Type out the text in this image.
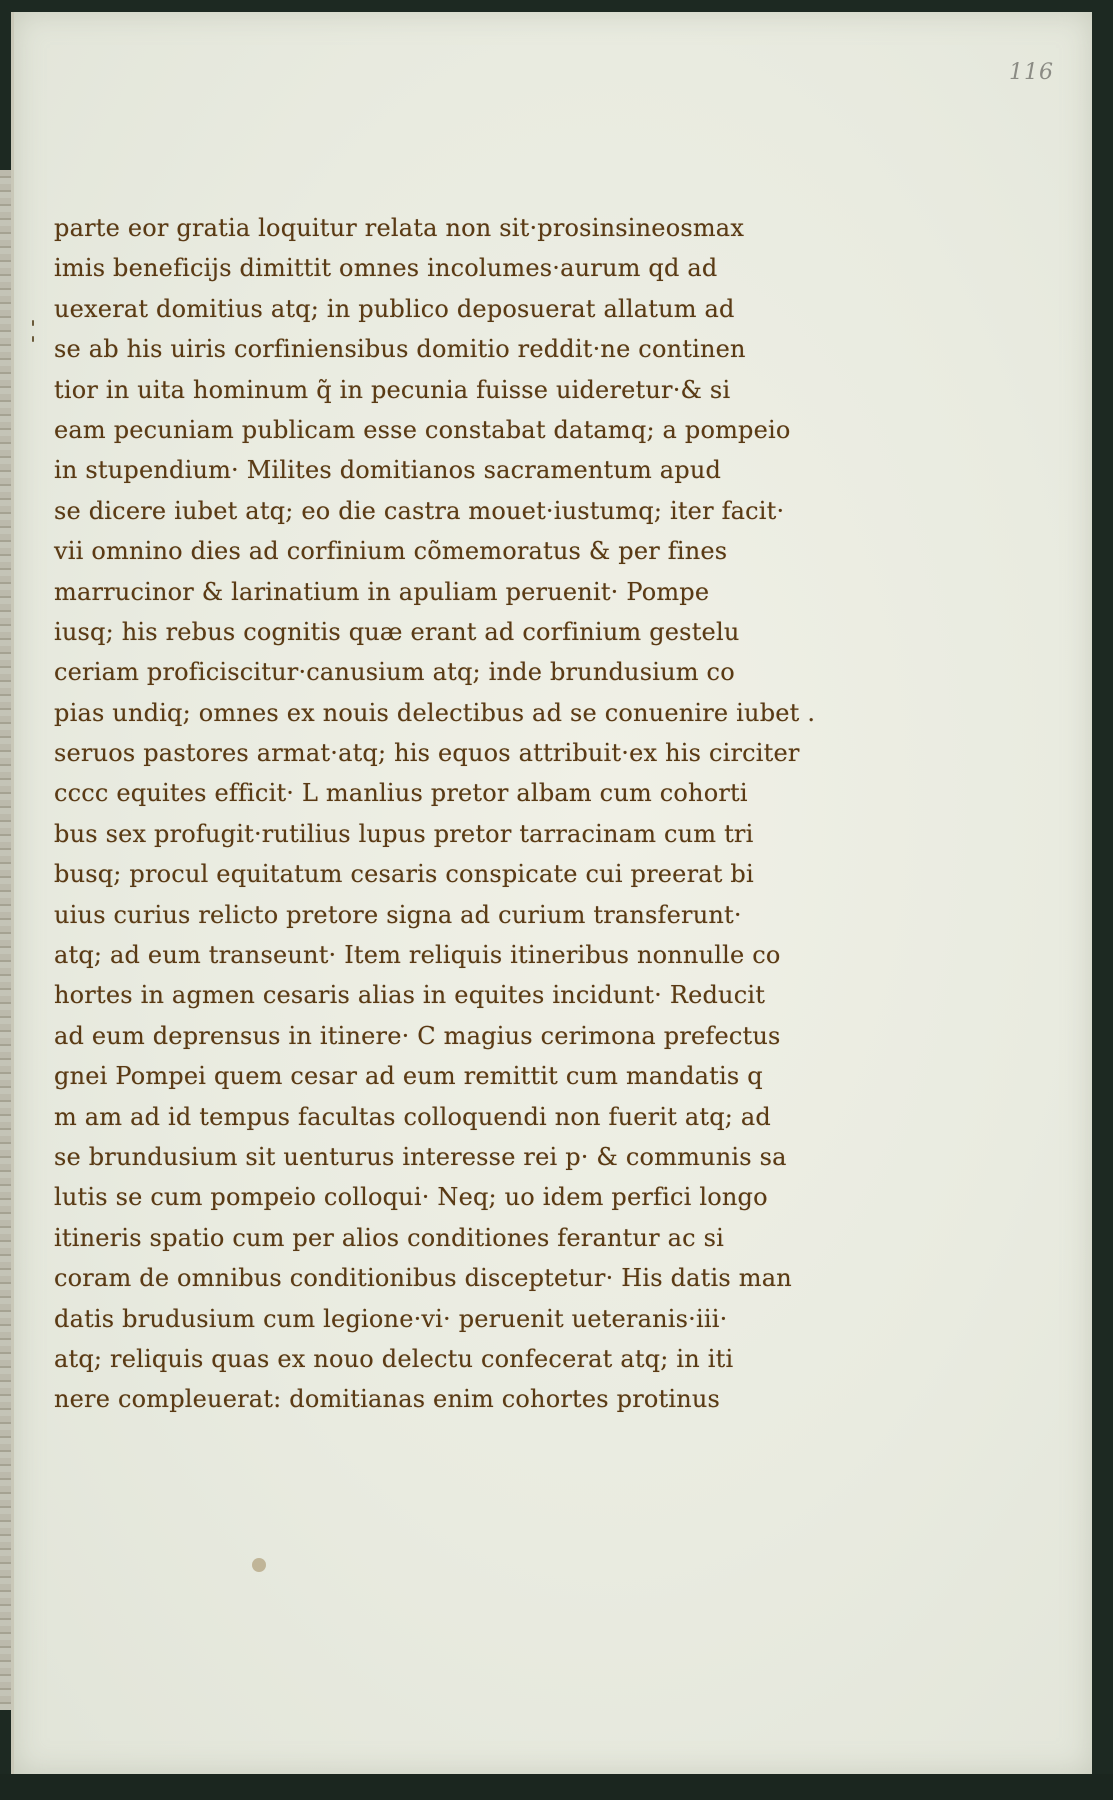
116
parte eor gratia loquitur relata non sit·prosinsineosmax
imis beneficijs dimittit omnes incolumes·aurum qd ad
uexerat domitius atq; in publico deposuerat allatum ad
se ab his uiris corfiniensibus domitio reddit·ne continen
tior in uita hominum q̃ in pecunia fuisse uideretur·& si
eam pecuniam publicam esse constabat datamq; a pompeio
in stupendium· Milites domitianos sacramentum apud
se dicere iubet atq; eo die castra mouet·iustumq; iter facit·
vii omnino dies ad corfinium cõmemoratus & per fines
marrucinor & larinatium in apuliam peruenit· Pompe
iusq; his rebus cognitis quæ erant ad corfinium gestelu
ceriam proficiscitur·canusium atq; inde brundusium co
pias undiq; omnes ex nouis delectibus ad se conuenire iubet .
seruos pastores armat·atq; his equos attribuit·ex his circiter
cccc equites efficit· L manlius pretor albam cum cohorti
bus sex profugit·rutilius lupus pretor tarracinam cum tri
busq; procul equitatum cesaris conspicate cui preerat bi
uius curius relicto pretore signa ad curium transferunt·
atq; ad eum transeunt· Item reliquis itineribus nonnulle co
hortes in agmen cesaris alias in equites incidunt· Reducit
ad eum deprensus in itinere· C magius cerimona prefectus
gnei Pompei quem cesar ad eum remittit cum mandatis q
m am ad id tempus facultas colloquendi non fuerit atq; ad
se brundusium sit uenturus interesse rei p· & communis sa
lutis se cum pompeio colloqui· Neq; uo idem perfici longo
itineris spatio cum per alios conditiones ferantur ac si
coram de omnibus conditionibus disceptetur· His datis man
datis brudusium cum legione·vi· peruenit ueteranis·iii·
atq; reliquis quas ex nouo delectu confecerat atq; in iti
nere compleuerat: domitianas enim cohortes protinus
